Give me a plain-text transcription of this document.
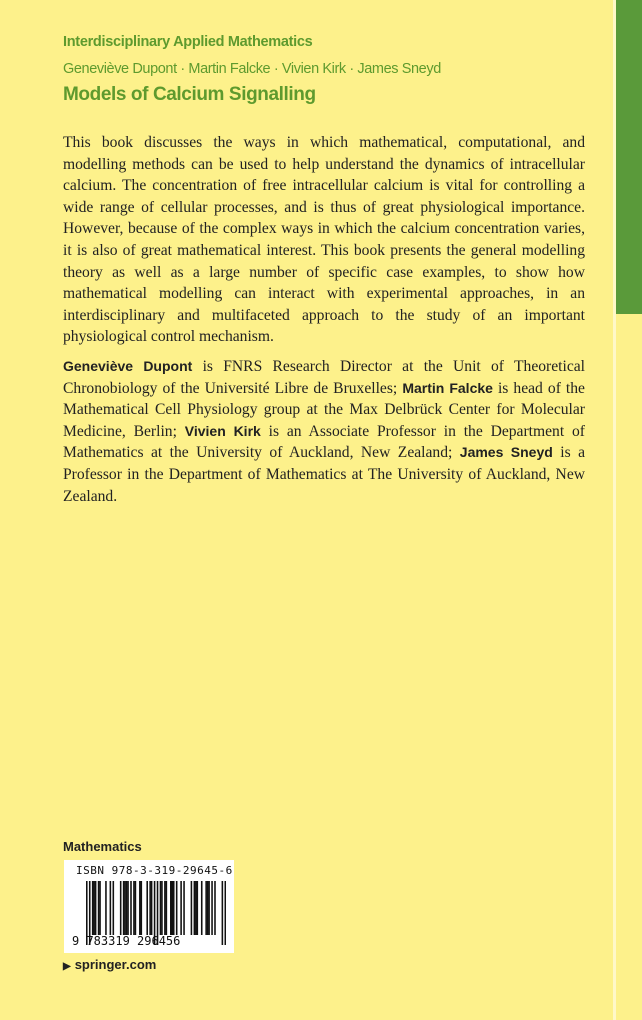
Interdisciplinary Applied Mathematics
Geneviève Dupont · Martin Falcke · Vivien Kirk · James Sneyd
Models of Calcium Signalling

This book discusses the ways in which mathematical, computational, and modelling methods can be used to help understand the dynamics of intracellular calcium. The concentration of free intracellular calcium is vital for controlling a wide range of cellular processes, and is thus of great physiological importance. However, because of the complex ways in which the calcium concentration varies, it is also of great mathematical interest. This book presents the general modelling theory as well as a large number of specific case examples, to show how mathematical modelling can interact with experimental approaches, in an interdisciplinary and multifaceted approach to the study of an important physiological control mechanism.

Geneviève Dupont is FNRS Research Director at the Unit of Theoretical Chronobiology of the Université Libre de Bruxelles; Martin Falcke is head of the Mathematical Cell Physiology group at the Max Delbrück Center for Molecular Medicine, Berlin; Vivien Kirk is an Associate Professor in the Department of Mathematics at the University of Auckland, New Zealand; James Sneyd is a Professor in the Department of Mathematics at The University of Auckland, New Zealand.

Mathematics
ISBN 978-3-319-29645-6
9 783319 296456
▶ springer.com
